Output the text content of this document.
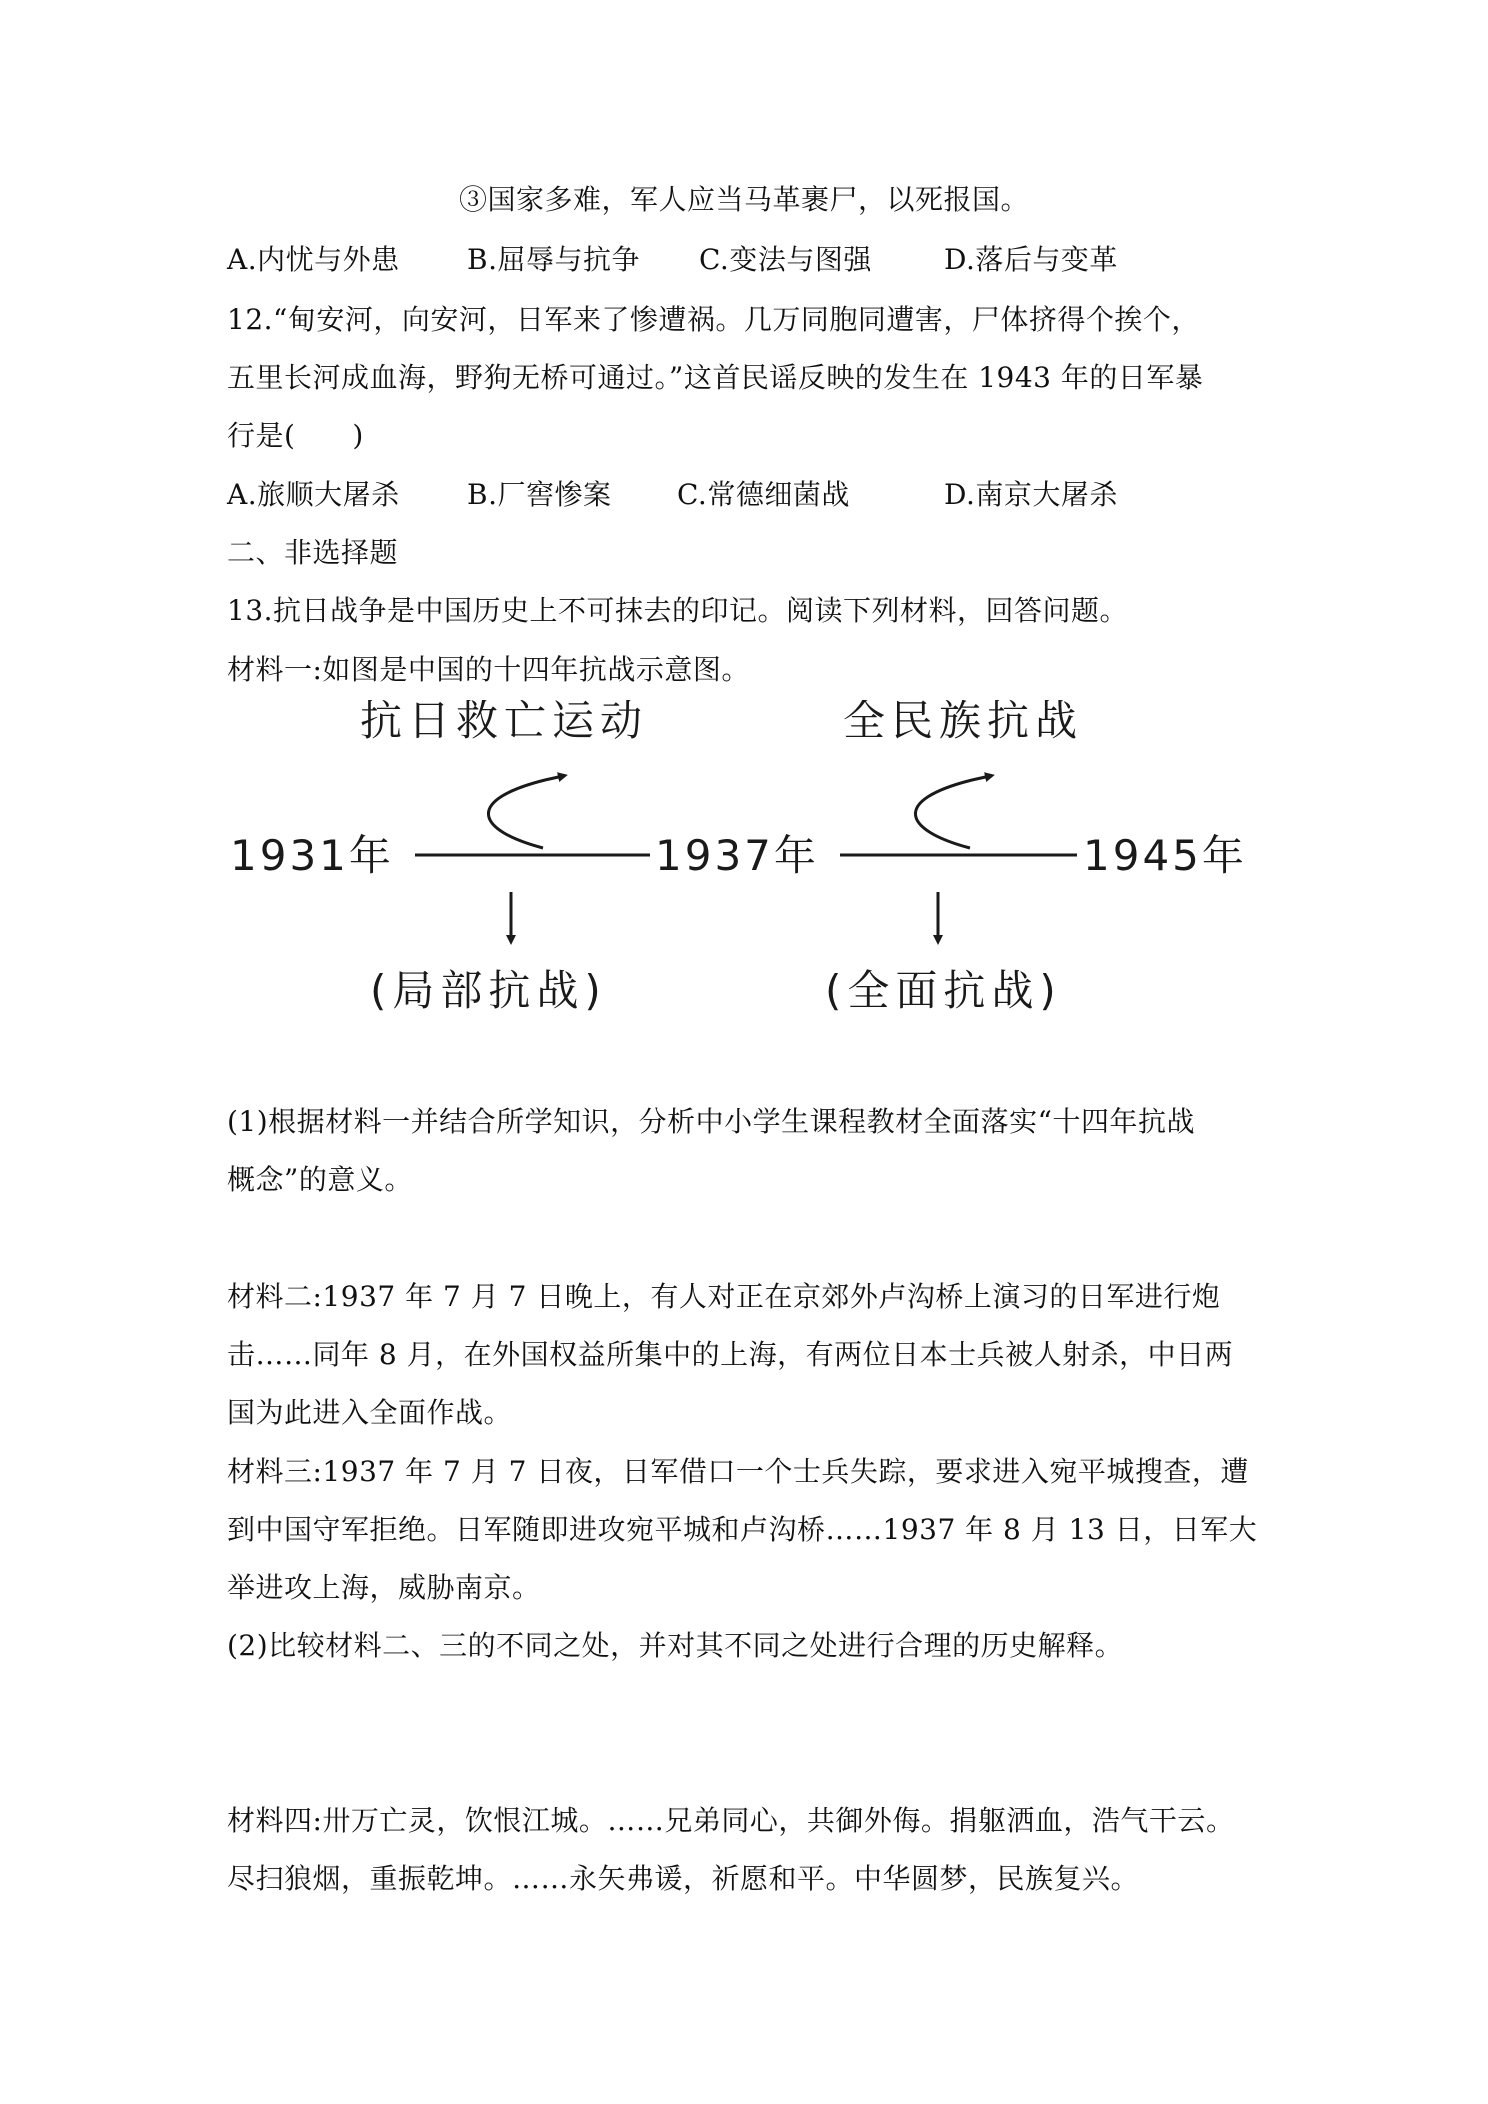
③国家多难，军人应当马革裹尸，以死报国。
A.内忧与外患 B.屈辱与抗争 C.变法与图强	D.落后与变革
12.“甸安河，向安河，日军来了惨遭祸。几万同胞同遭害，尸体挤得个挨个，
五里长河成血海，野狗无桥可通过。”这首民谣反映的发生在 1943 年的日军暴
行是(　　)
A.旅顺大屠杀 B.厂窖惨案 C.常德细菌战	D.南京大屠杀
二、非选择题
13.抗日战争是中国历史上不可抹去的印记。阅读下列材料，回答问题。
材料一:如图是中国的十四年抗战示意图。
抗日救亡运动	全民族抗战
1931年	1937年	1945年
(局部抗战)	(全面抗战)
(1)根据材料一并结合所学知识，分析中小学生课程教材全面落实“十四年抗战
概念”的意义。
材料二:1937 年 7 月 7 日晚上，有人对正在京郊外卢沟桥上演习的日军进行炮
击……同年 8 月，在外国权益所集中的上海，有两位日本士兵被人射杀，中日两
国为此进入全面作战。
材料三:1937 年 7 月 7 日夜，日军借口一个士兵失踪，要求进入宛平城搜查，遭
到中国守军拒绝。日军随即进攻宛平城和卢沟桥……1937 年 8 月 13 日，日军大
举进攻上海，威胁南京。
(2)比较材料二、三的不同之处，并对其不同之处进行合理的历史解释。
材料四:卅万亡灵，饮恨江城。……兄弟同心，共御外侮。捐躯洒血，浩气干云。
尽扫狼烟，重振乾坤。……永矢弗谖，祈愿和平。中华圆梦，民族复兴。
